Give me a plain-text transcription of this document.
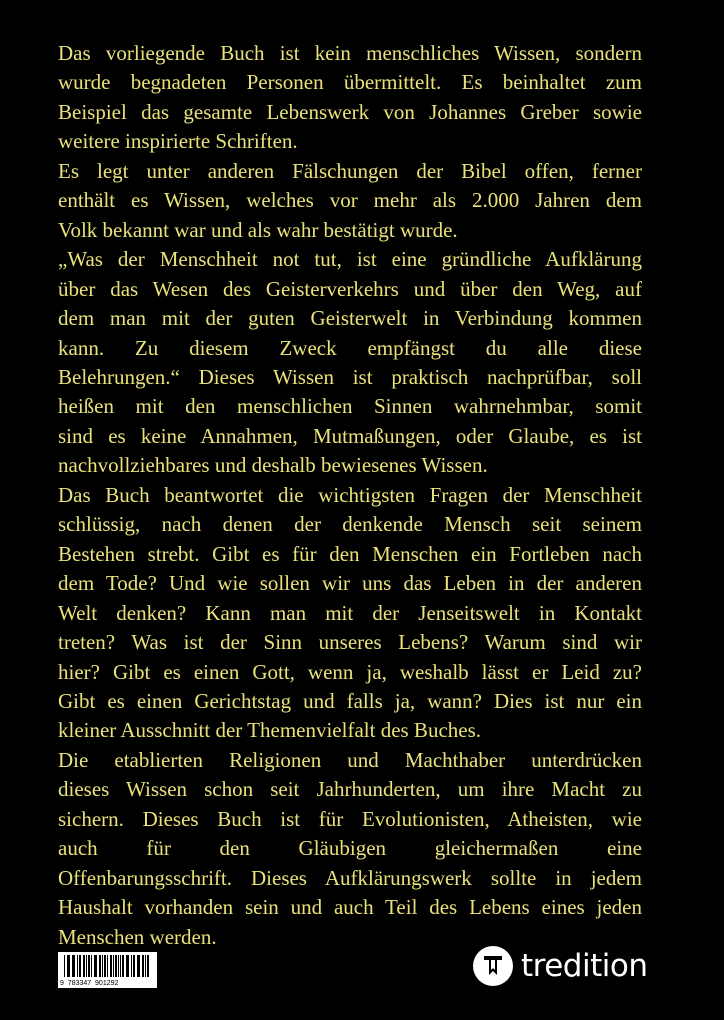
Das vorliegende Buch ist kein menschliches Wissen, sondern
wurde begnadeten Personen übermittelt. Es beinhaltet zum
Beispiel das gesamte Lebenswerk von Johannes Greber sowie
weitere inspirierte Schriften.
Es legt unter anderen Fälschungen der Bibel offen, ferner
enthält es Wissen, welches vor mehr als 2.000 Jahren dem
Volk bekannt war und als wahr bestätigt wurde.
„Was der Menschheit not tut, ist eine gründliche Aufklärung
über das Wesen des Geisterverkehrs und über den Weg, auf
dem man mit der guten Geisterwelt in Verbindung kommen
kann. Zu diesem Zweck empfängst du alle diese
Belehrungen.“ Dieses Wissen ist praktisch nachprüfbar, soll
heißen mit den menschlichen Sinnen wahrnehmbar, somit
sind es keine Annahmen, Mutmaßungen, oder Glaube, es ist
nachvollziehbares und deshalb bewiesenes Wissen.
Das Buch beantwortet die wichtigsten Fragen der Menschheit
schlüssig, nach denen der denkende Mensch seit seinem
Bestehen strebt. Gibt es für den Menschen ein Fortleben nach
dem Tode? Und wie sollen wir uns das Leben in der anderen
Welt denken? Kann man mit der Jenseitswelt in Kontakt
treten? Was ist der Sinn unseres Lebens? Warum sind wir
hier? Gibt es einen Gott, wenn ja, weshalb lässt er Leid zu?
Gibt es einen Gerichtstag und falls ja, wann? Dies ist nur ein
kleiner Ausschnitt der Themenvielfalt des Buches.
Die etablierten Religionen und Machthaber unterdrücken
dieses Wissen schon seit Jahrhunderten, um ihre Macht zu
sichern. Dieses Buch ist für Evolutionisten, Atheisten, wie
auch für den Gläubigen gleichermaßen eine
Offenbarungsschrift. Dieses Aufklärungswerk sollte in jedem
Haushalt vorhanden sein und auch Teil des Lebens eines jeden
Menschen werden.
9  783347  901292	tredition
